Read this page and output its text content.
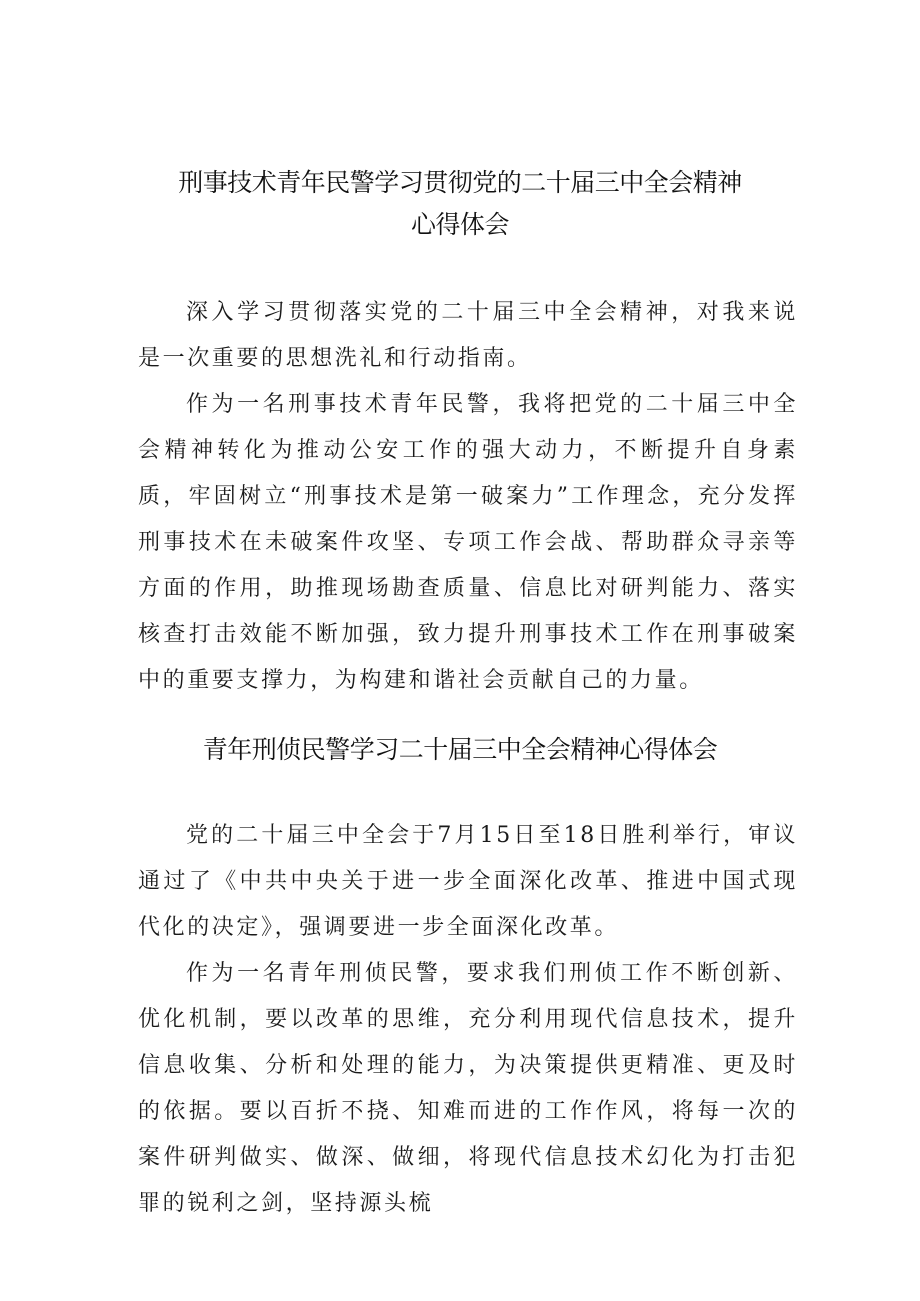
刑事技术青年民警学习贯彻党的二十届三中全会精神
心得体会

深入学习贯彻落实党的二十届三中全会精神，对我来说是一次重要的思想洗礼和行动指南。

作为一名刑事技术青年民警，我将把党的二十届三中全会精神转化为推动公安工作的强大动力，不断提升自身素质，牢固树立“刑事技术是第一破案力”工作理念，充分发挥刑事技术在未破案件攻坚、专项工作会战、帮助群众寻亲等方面的作用，助推现场勘查质量、信息比对研判能力、落实核查打击效能不断加强，致力提升刑事技术工作在刑事破案中的重要支撑力，为构建和谐社会贡献自己的力量。

青年刑侦民警学习二十届三中全会精神心得体会

党的二十届三中全会于7月15日至18日胜利举行，审议通过了《中共中央关于进一步全面深化改革、推进中国式现代化的决定》，强调要进一步全面深化改革。

作为一名青年刑侦民警，要求我们刑侦工作不断创新、优化机制，要以改革的思维，充分利用现代信息技术，提升信息收集、分析和处理的能力，为决策提供更精准、更及时的依据。要以百折不挠、知难而进的工作作风，将每一次的案件研判做实、做深、做细，将现代信息技术幻化为打击犯罪的锐利之剑，坚持源头梳
